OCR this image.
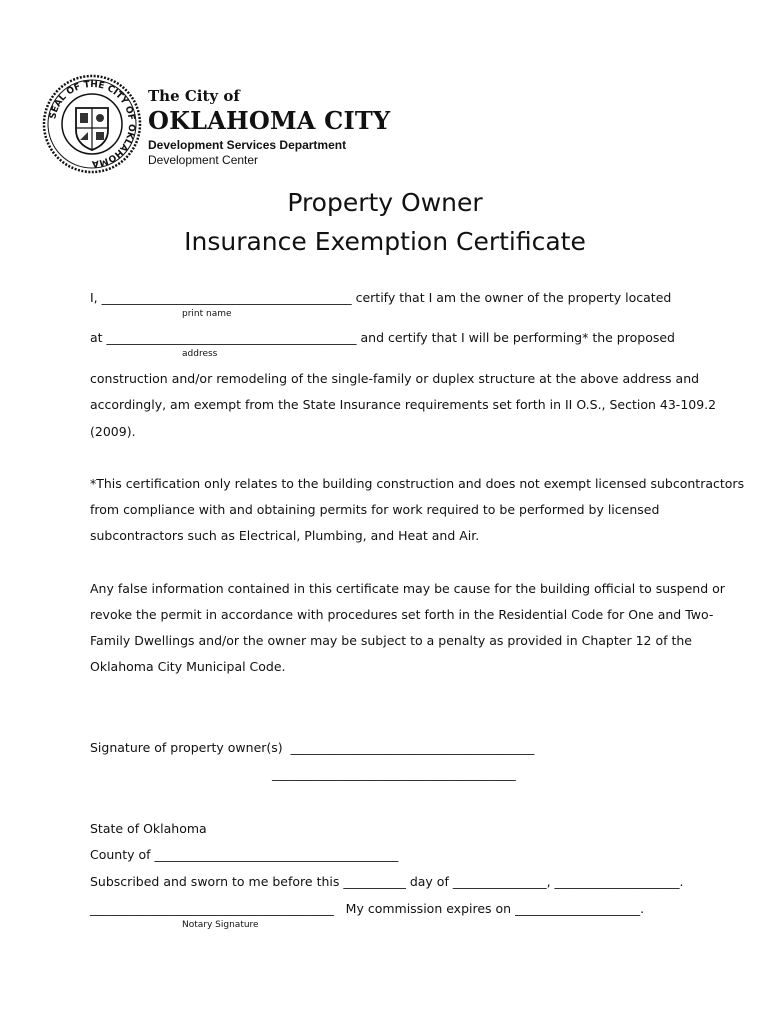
SEAL OF THE CITY OF OKLAHOMA
The City of
OKLAHOMA CITY
Development Services Department
Development Center
Property Owner
Insurance Exemption Certificate
I, ________________________________________ certify that I am the owner of the property located
print name
at ________________________________________ and certify that I will be performing* the proposed
address
construction and/or remodeling of the single-family or duplex structure at the above address and
accordingly, am exempt from the State Insurance requirements set forth in II O.S., Section 43-109.2
(2009).
*This certification only relates to the building construction and does not exempt licensed subcontractors
from compliance with and obtaining permits for work required to be performed by licensed
subcontractors such as Electrical, Plumbing, and Heat and Air.
Any false information contained in this certificate may be cause for the building official to suspend or
revoke the permit in accordance with procedures set forth in the Residential Code for One and Two-
Family Dwellings and/or the owner may be subject to a penalty as provided in Chapter 12 of the
Oklahoma City Municipal Code.
Signature of property owner(s)  _______________________________________
_______________________________________
State of Oklahoma
County of _______________________________________
Subscribed and sworn to me before this __________ day of _______________, ____________________.
_______________________________________   My commission expires on ____________________.
Notary Signature
